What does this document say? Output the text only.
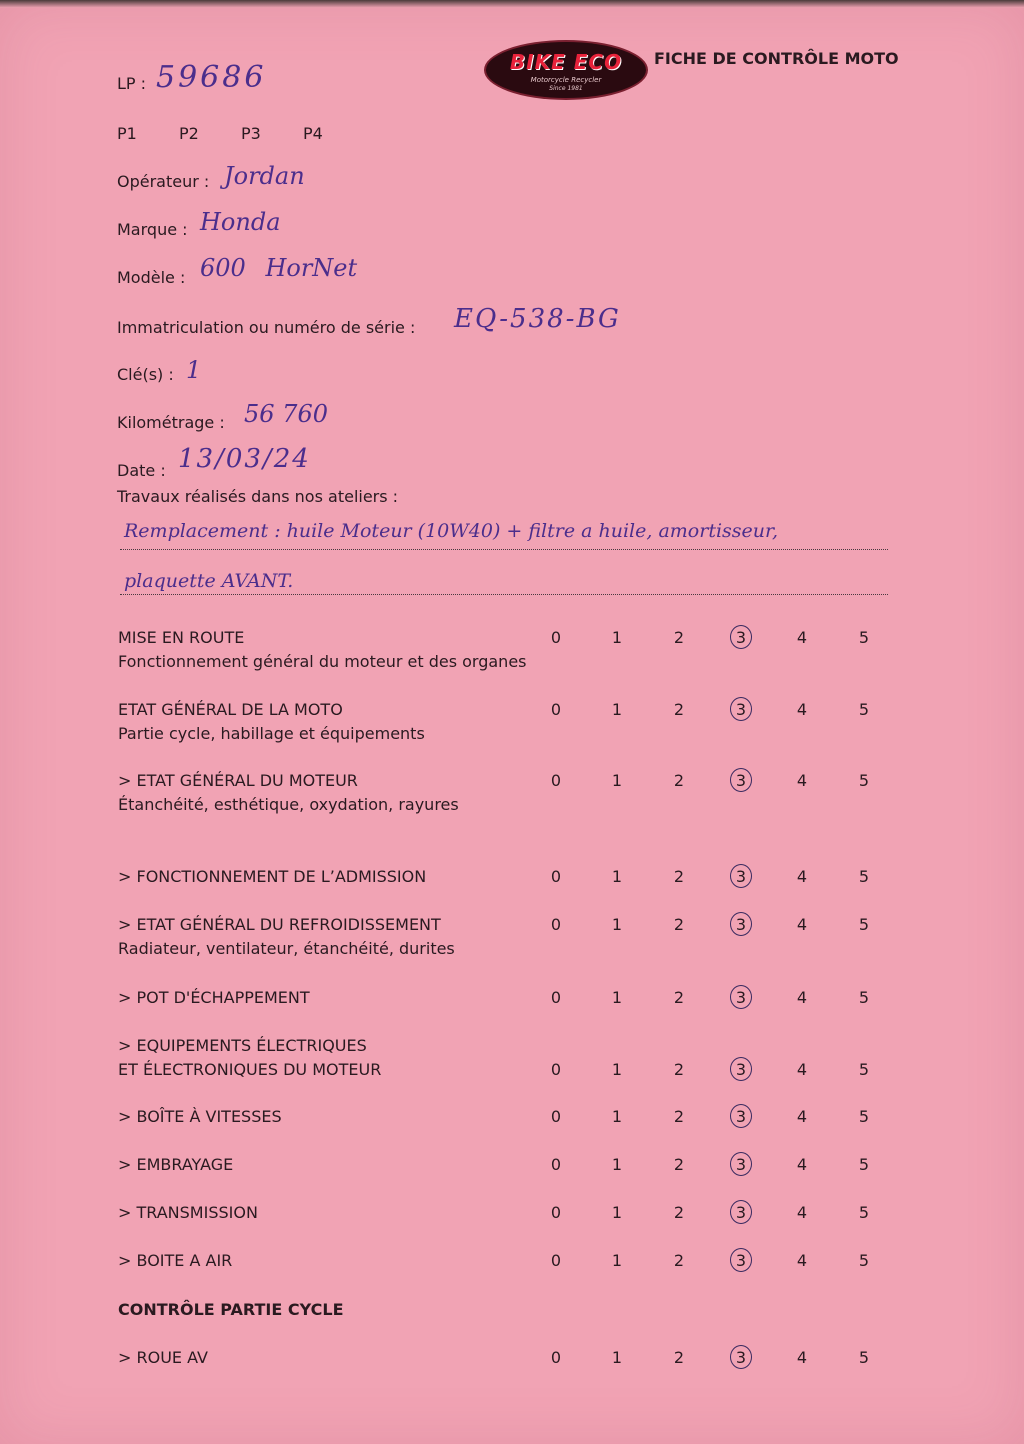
BIKE ECO
Motorcycle Recycler
Since 1981
FICHE DE CONTRÔLE MOTO
LP : 59686
P1	P2	P3	P4
Opérateur : Jordan
Marque : Honda
Modèle : 600 HorNet
Immatriculation ou numéro de série : EQ-538-BG
Clé(s) : 1
Kilométrage : 56 760
Date : 13/03/24
Travaux réalisés dans nos ateliers :
Remplacement : huile Moteur (10W40) + filtre a huile, amortisseur,
plaquette AVANT.
MISE EN ROUTE
Fonctionnement général du moteur et des organes
0	1	2	3	4	5
ETAT GÉNÉRAL DE LA MOTO
Partie cycle, habillage et équipements
0	1	2	3	4	5
> ETAT GÉNÉRAL DU MOTEUR
Étanchéité, esthétique, oxydation, rayures
0	1	2	3	4	5
> FONCTIONNEMENT DE L’ADMISSION	0	1	2	3	4	5
> ETAT GÉNÉRAL DU REFROIDISSEMENT
Radiateur, ventilateur, étanchéité, durites
0	1	2	3	4	5
> POT D'ÉCHAPPEMENT	0	1	2	3	4	5
> EQUIPEMENTS ÉLECTRIQUES
ET ÉLECTRONIQUES DU MOTEUR	0	1	2	3	4	5
> BOÎTE À VITESSES	0	1	2	3	4	5
> EMBRAYAGE	0	1	2	3	4	5
> TRANSMISSION	0	1	2	3	4	5
> BOITE A AIR	0	1	2	3	4	5
CONTRÔLE PARTIE CYCLE
> ROUE AV	0	1	2	3	4	5
